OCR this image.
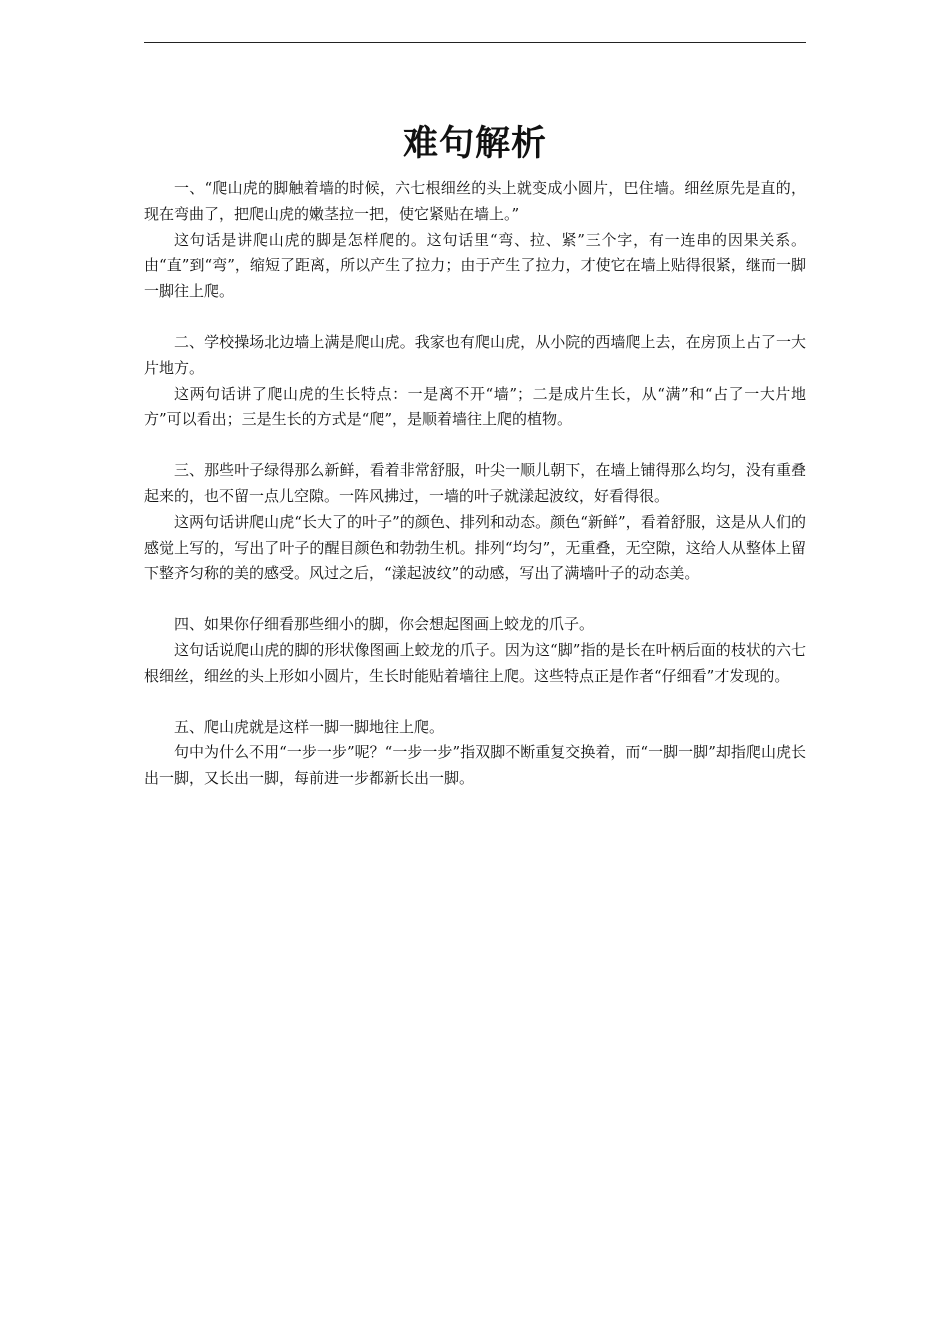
难句解析

一、“爬山虎的脚触着墙的时候，六七根细丝的头上就变成小圆片，巴住墙。细丝原先是直的，现在弯曲了，把爬山虎的嫩茎拉一把，使它紧贴在墙上。”

这句话是讲爬山虎的脚是怎样爬的。这句话里“弯、拉、紧”三个字，有一连串的因果关系。由“直”到“弯”，缩短了距离，所以产生了拉力；由于产生了拉力，才使它在墙上贴得很紧，继而一脚一脚往上爬。

二、学校操场北边墙上满是爬山虎。我家也有爬山虎，从小院的西墙爬上去，在房顶上占了一大片地方。

这两句话讲了爬山虎的生长特点：一是离不开“墙”；二是成片生长，从“满”和“占了一大片地方”可以看出；三是生长的方式是“爬”，是顺着墙往上爬的植物。

三、那些叶子绿得那么新鲜，看着非常舒服，叶尖一顺儿朝下，在墙上铺得那么均匀，没有重叠起来的，也不留一点儿空隙。一阵风拂过，一墙的叶子就漾起波纹，好看得很。

这两句话讲爬山虎“长大了的叶子”的颜色、排列和动态。颜色“新鲜”，看着舒服，这是从人们的感觉上写的，写出了叶子的醒目颜色和勃勃生机。排列“均匀”，无重叠，无空隙，这给人从整体上留下整齐匀称的美的感受。风过之后，“漾起波纹”的动感，写出了满墙叶子的动态美。

四、如果你仔细看那些细小的脚，你会想起图画上蛟龙的爪子。

这句话说爬山虎的脚的形状像图画上蛟龙的爪子。因为这“脚”指的是长在叶柄后面的枝状的六七根细丝，细丝的头上形如小圆片，生长时能贴着墙往上爬。这些特点正是作者“仔细看”才发现的。

五、爬山虎就是这样一脚一脚地往上爬。

句中为什么不用“一步一步”呢？“一步一步”指双脚不断重复交换着，而“一脚一脚”却指爬山虎长出一脚，又长出一脚，每前进一步都新长出一脚。
